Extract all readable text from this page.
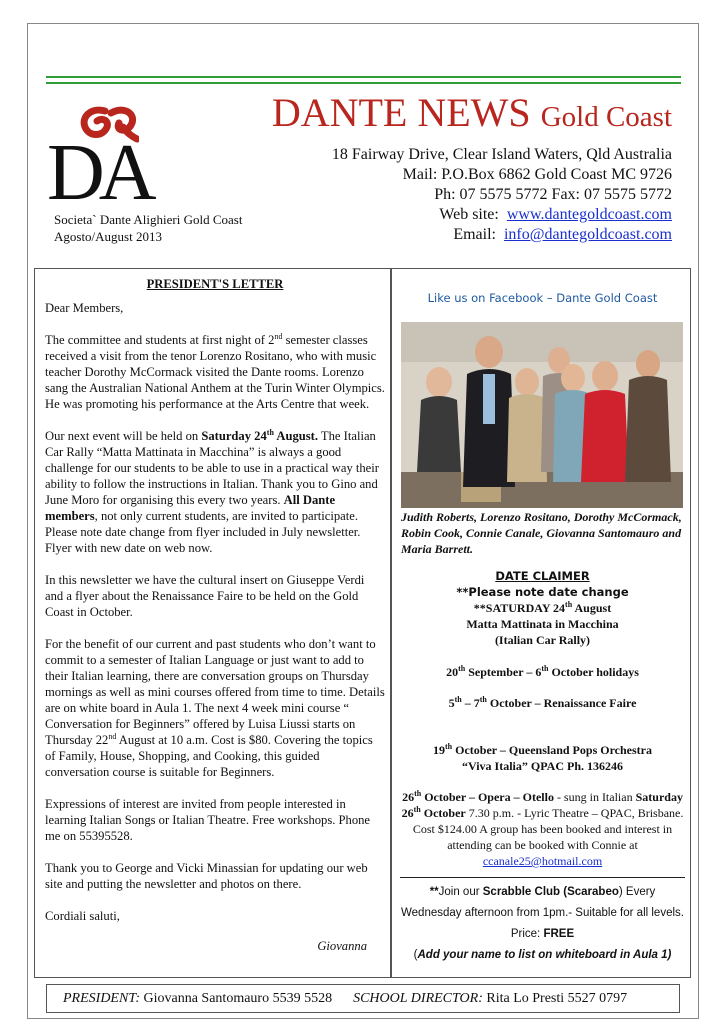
DA
Societa` Dante Alighieri Gold Coast
Agosto/August 2013
DANTE NEWS Gold Coast
18 Fairway Drive, Clear Island Waters, Qld Australia
Mail: P.O.Box 6862 Gold Coast MC 9726
Ph: 07 5575 5772 Fax: 07 5575 5772
Web site: www.dantegoldcoast.com
Email: info@dantegoldcoast.com
PRESIDENT'S LETTER

Dear Members,

The committee and students at first night of 2nd semester classes received a visit from the tenor Lorenzo Rositano, who with music teacher Dorothy McCormack visited the Dante rooms. Lorenzo sang the Australian National Anthem at the Turin Winter Olympics. He was promoting his performance at the Arts Centre that week.

Our next event will be held on Saturday 24th August. The Italian Car Rally “Matta Mattinata in Macchina” is always a good challenge for our students to be able to use in a practical way their ability to follow the instructions in Italian. Thank you to Gino and June Moro for organising this every two years. All Dante members, not only current students, are invited to participate. Please note date change from flyer included in July newsletter. Flyer with new date on web now.

In this newsletter we have the cultural insert on Giuseppe Verdi and a flyer about the Renaissance Faire to be held on the Gold Coast in October.

For the benefit of our current and past students who don’t want to commit to a semester of Italian Language or just want to add to their Italian learning, there are conversation groups on Thursday mornings as well as mini courses offered from time to time. Details are on white board in Aula 1. The next 4 week mini course “ Conversation for Beginners” offered by Luisa Liussi starts on Thursday 22nd August at 10 a.m. Cost is $80. Covering the topics of Family, House, Shopping, and Cooking, this guided conversation course is suitable for Beginners.

Expressions of interest are invited from people interested in learning Italian Songs or Italian Theatre. Free workshops. Phone me on 55395528.

Thank you to George and Vicki Minassian for updating our web site and putting the newsletter and photos on there.

Cordiali saluti,

Giovanna
Like us on Facebook – Dante Gold Coast
Judith Roberts, Lorenzo Rositano, Dorothy McCormack, Robin Cook, Connie Canale, Giovanna Santomauro and Maria Barrett.

DATE CLAIMER

**Please note date change

**SATURDAY 24th August

Matta Mattinata in Macchina

(Italian Car Rally)

20th September – 6th October holidays

5th – 7th October – Renaissance Faire

19th October – Queensland Pops Orchestra

“Viva Italia” QPAC Ph. 136246

26th October – Opera – Otello - sung in Italian Saturday 26th October 7.30 p.m. - Lyric Theatre – QPAC, Brisbane. Cost $124.00 A group has been booked and interest in attending can be booked with Connie at ccanale25@hotmail.com

**Join our Scrabble Club (Scarabeo) Every Wednesday afternoon from 1pm.- Suitable for all levels. Price: FREE
(Add your name to list on whiteboard in Aula 1)
PRESIDENT: Giovanna Santomauro 5539 5528 SCHOOL DIRECTOR: Rita Lo Presti 5527 0797
